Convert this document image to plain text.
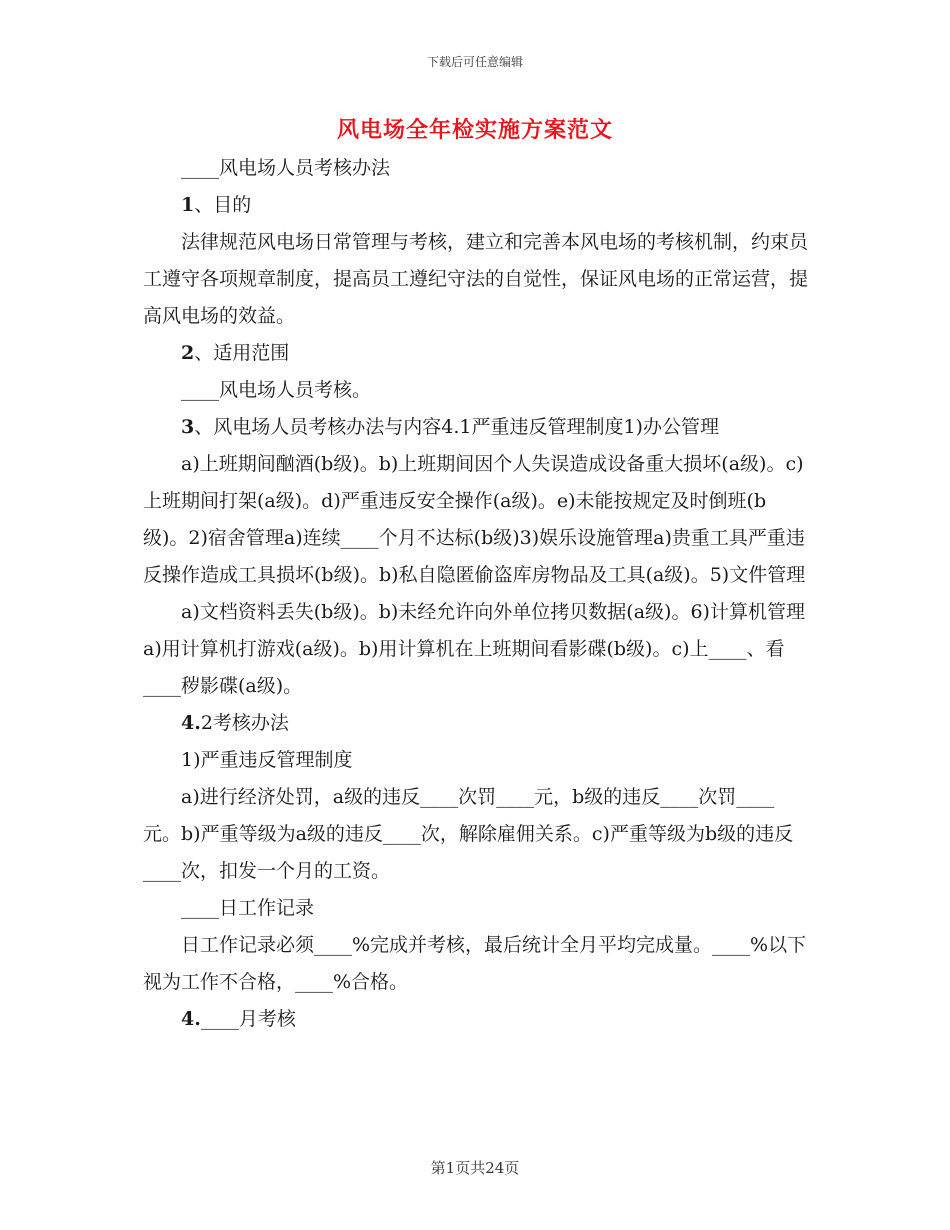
下载后可任意编辑
风电场全年检实施方案范文

____风电场人员考核办法

1、目的

法律规范风电场日常管理与考核，建立和完善本风电场的考核机制，约束员工遵守各项规章制度，提高员工遵纪守法的自觉性，保证风电场的正常运营，提高风电场的效益。

2、适用范围

____风电场人员考核。

3、风电场人员考核办法与内容4.1严重违反管理制度1)办公管理

a)上班期间酗酒(b级)。b)上班期间因个人失误造成设备重大损坏(a级)。c)上班期间打架(a级)。d)严重违反安全操作(a级)。e)未能按规定及时倒班(b级)。2)宿舍管理a)连续____个月不达标(b级)3)娱乐设施管理a)贵重工具严重违反操作造成工具损坏(b级)。b)私自隐匿偷盗库房物品及工具(a级)。5)文件管理

a)文档资料丢失(b级)。b)未经允许向外单位拷贝数据(a级)。6)计算机管理a)用计算机打游戏(a级)。b)用计算机在上班期间看影碟(b级)。c)上____、看____秽影碟(a级)。

4.2考核办法

1)严重违反管理制度

a)进行经济处罚，a级的违反____次罚____元，b级的违反____次罚____元。b)严重等级为a级的违反____次，解除雇佣关系。c)严重等级为b级的违反____次，扣发一个月的工资。

____日工作记录

日工作记录必须____%完成并考核，最后统计全月平均完成量。____%以下视为工作不合格，____%合格。

4.____月考核

第1页共24页
